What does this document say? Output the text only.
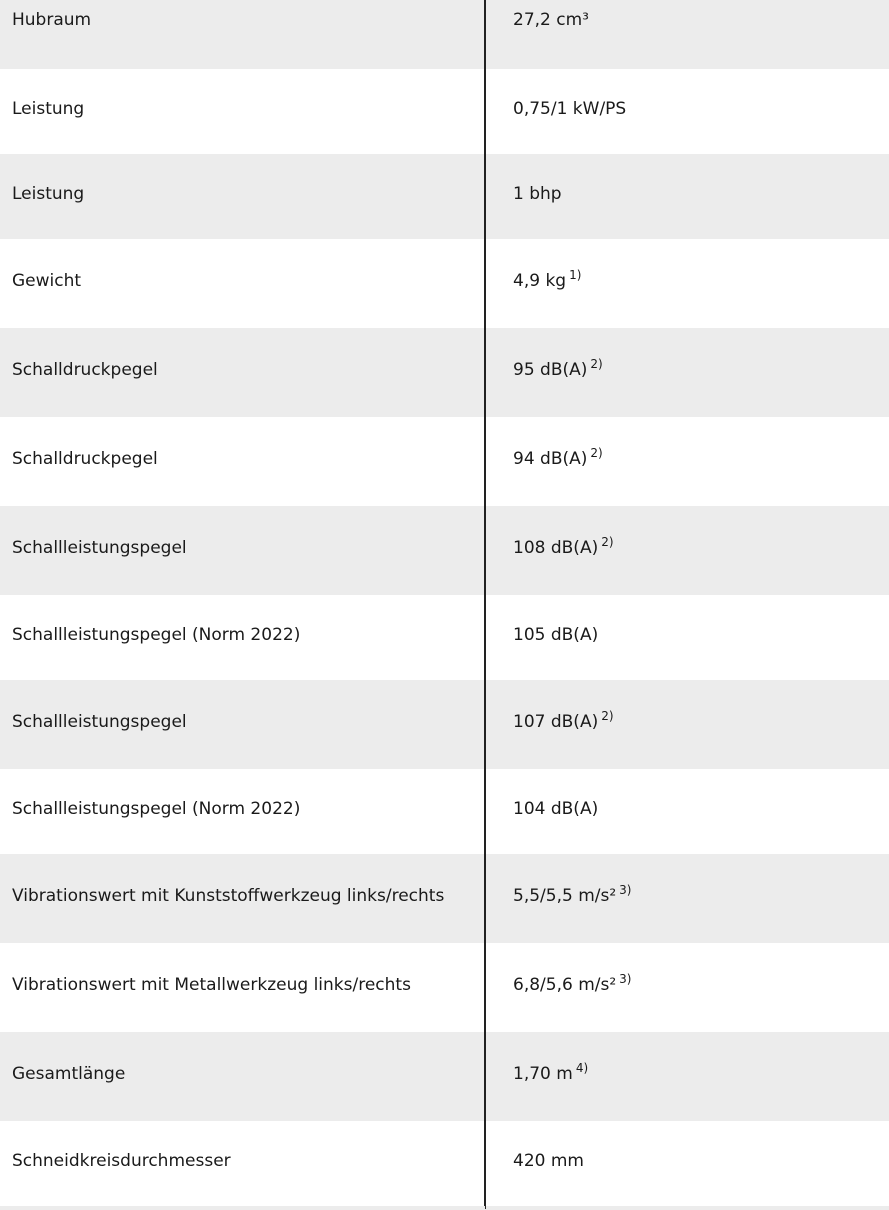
Hubraum	27,2 cm³
Leistung	0,75/1 kW/PS
Leistung	1 bhp
Gewicht	4,9 kg $^{1)}$
Schalldruckpegel	95 dB(A) $^{2)}$
Schalldruckpegel	94 dB(A) $^{2)}$
Schallleistungspegel	108 dB(A) $^{2)}$
Schallleistungspegel (Norm 2022)	105 dB(A)
Schallleistungspegel	107 dB(A) $^{2)}$
Schallleistungspegel (Norm 2022)	104 dB(A)
Vibrationswert mit Kunststoffwerkzeug links/rechts	5,5/5,5 m/s² $^{3)}$
Vibrationswert mit Metallwerkzeug links/rechts	6,8/5,6 m/s² $^{3)}$
Gesamtlänge	1,70 m $^{4)}$
Schneidkreisdurchmesser	420 mm
